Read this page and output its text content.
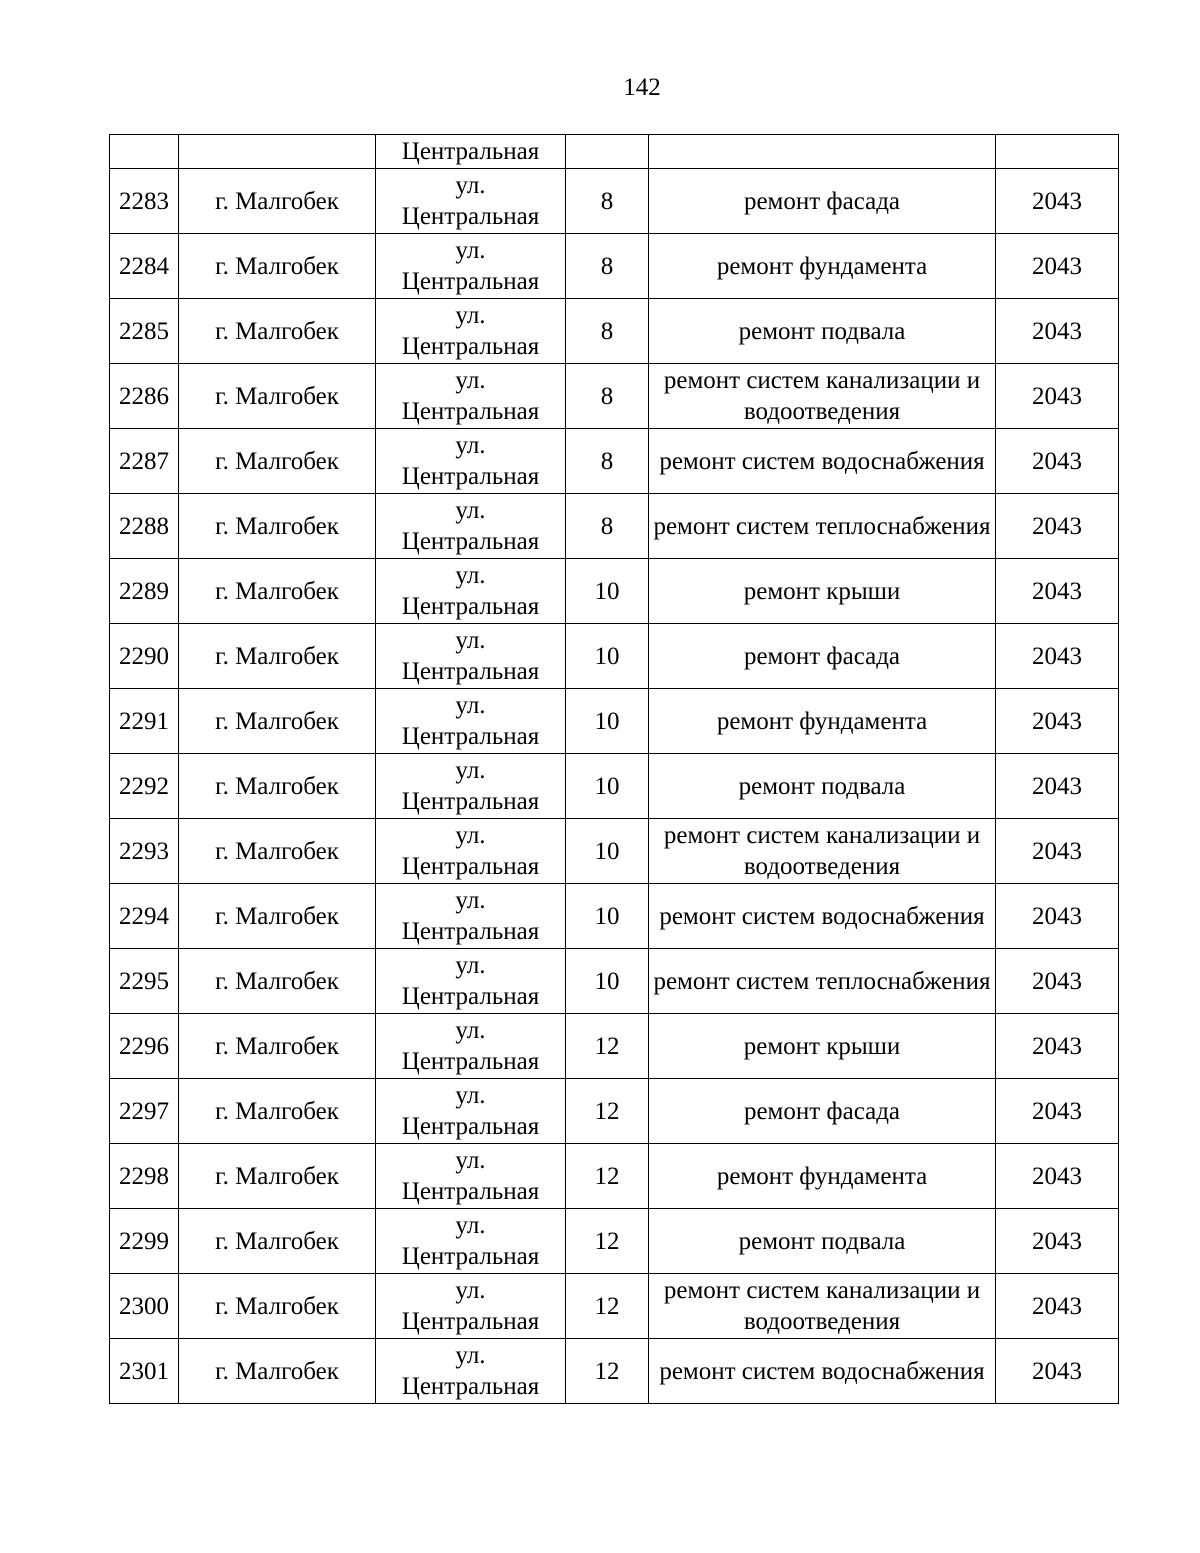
142
		Центральная			
2283	г. Малгобек	ул.
Центральная	8	ремонт фасада	2043
2284	г. Малгобек	ул.
Центральная	8	ремонт фундамента	2043
2285	г. Малгобек	ул.
Центральная	8	ремонт подвала	2043
2286	г. Малгобек	ул.
Центральная	8	ремонт систем канализации и водоотведения	2043
2287	г. Малгобек	ул.
Центральная	8	ремонт систем водоснабжения	2043
2288	г. Малгобек	ул.
Центральная	8	ремонт систем теплоснабжения	2043
2289	г. Малгобек	ул.
Центральная	10	ремонт крыши	2043
2290	г. Малгобек	ул.
Центральная	10	ремонт фасада	2043
2291	г. Малгобек	ул.
Центральная	10	ремонт фундамента	2043
2292	г. Малгобек	ул.
Центральная	10	ремонт подвала	2043
2293	г. Малгобек	ул.
Центральная	10	ремонт систем канализации и водоотведения	2043
2294	г. Малгобек	ул.
Центральная	10	ремонт систем водоснабжения	2043
2295	г. Малгобек	ул.
Центральная	10	ремонт систем теплоснабжения	2043
2296	г. Малгобек	ул.
Центральная	12	ремонт крыши	2043
2297	г. Малгобек	ул.
Центральная	12	ремонт фасада	2043
2298	г. Малгобек	ул.
Центральная	12	ремонт фундамента	2043
2299	г. Малгобек	ул.
Центральная	12	ремонт подвала	2043
2300	г. Малгобек	ул.
Центральная	12	ремонт систем канализации и водоотведения	2043
2301	г. Малгобек	ул.
Центральная	12	ремонт систем водоснабжения	2043
